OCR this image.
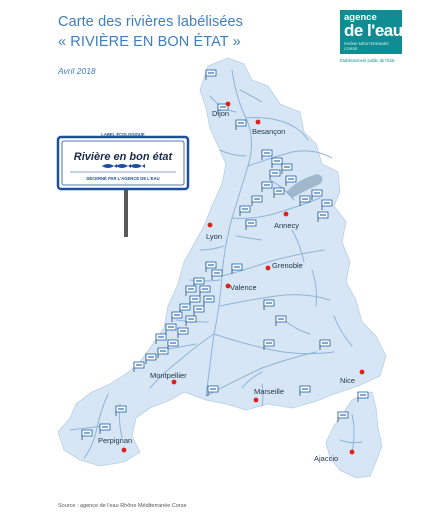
Carte des rivières labélisées
« RIVIÈRE EN BON ÉTAT »
Avril 2018
agence
de l'eau
RHÔNE MÉDITERRANÉE CORSE
Établissement public de l'État
Dijon
Besançon
Lyon
Annecy
Grenoble
Valence
Montpellier
Marseille
Nice
Perpignan
Ajaccio
LABEL ÉCOLOGIQUE
Rivière en bon état
DÉCERNÉ PAR L'AGENCE DE L'EAU
Source : agence de l'eau Rhône Méditerranée Corse
